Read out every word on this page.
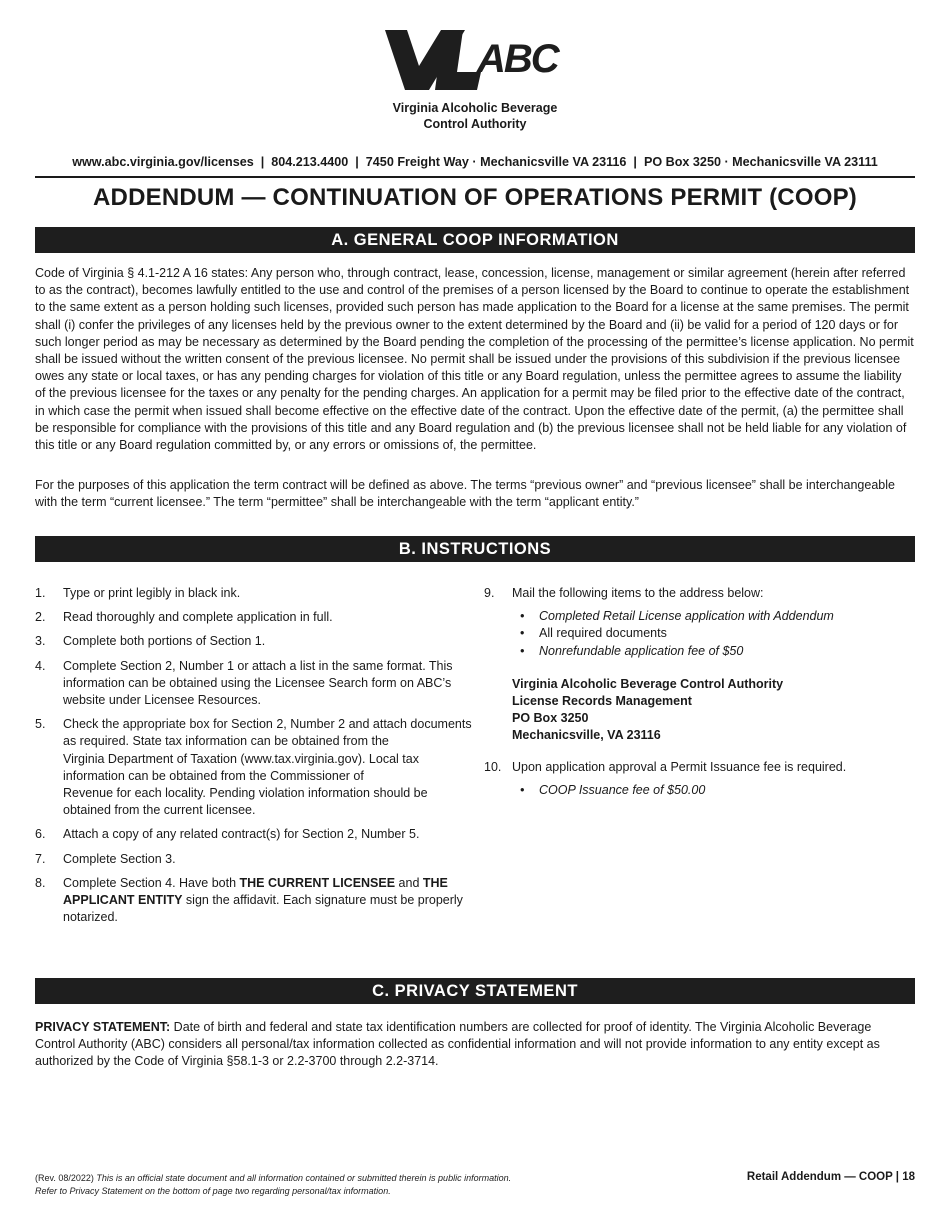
ABC
Virginia Alcoholic Beverage
Control Authority
www.abc.virginia.gov/licenses  |  804.213.4400  |  7450 Freight Way · Mechanicsville VA 23116  |  PO Box 3250 · Mechanicsville VA 23111
ADDENDUM — CONTINUATION OF OPERATIONS PERMIT (COOP)
A. GENERAL COOP INFORMATION

Code of Virginia § 4.1-212 A 16 states: Any person who, through contract, lease, concession, license, management or similar agreement (herein after referred to as the contract), becomes lawfully entitled to the use and control of the premises of a person licensed by the Board to continue to operate the establishment to the same extent as a person holding such licenses, provided such person has made application to the Board for a license at the same premises. The permit shall (i) confer the privileges of any licenses held by the previous owner to the extent determined by the Board and (ii) be valid for a period of 120 days or for such longer period as may be necessary as determined by the Board pending the completion of the processing of the permittee’s license application. No permit shall be issued without the written consent of the previous licensee. No permit shall be issued under the provisions of this subdivision if the previous licensee owes any state or local taxes, or has any pending charges for violation of this title or any Board regulation, unless the permittee agrees to assume the liability of the previous licensee for the taxes or any penalty for the pending charges. An application for a permit may be filed prior to the effective date of the contract, in which case the permit when issued shall become effective on the effective date of the contract. Upon the effective date of the permit, (a) the permittee shall be responsible for compliance with the provisions of this title and any Board regulation and (b) the previous licensee shall not be held liable for any violation of this title or any Board regulation committed by, or any errors or omissions of, the permittee.

For the purposes of this application the term contract will be defined as above. The terms “previous owner” and “previous licensee” shall be interchangeable with the term “current licensee.” The term “permittee” shall be interchangeable with the term “applicant entity.”

B. INSTRUCTIONS
1. Type or print legibly in black ink.
2. Read thoroughly and complete application in full.
3. Complete both portions of Section 1.
4. Complete Section 2, Number 1 or attach a list in the same format. This information can be obtained using the Licensee Search form on ABC’s website under Licensee Resources.
5. Check the appropriate box for Section 2, Number 2 and attach documents as required. State tax information can be obtained from the
Virginia Department of Taxation (www.tax.virginia.gov). Local tax information can be obtained from the Commissioner of
Revenue for each locality. Pending violation information should be obtained from the current licensee.
6. Attach a copy of any related contract(s) for Section 2, Number 5.
7. Complete Section 3.
8. Complete Section 4. Have both THE CURRENT LICENSEE and THE APPLICANT ENTITY sign the affidavit. Each signature must be properly notarized.
9. Mail the following items to the address below:
• Completed Retail License application with Addendum
• All required documents
• Nonrefundable application fee of $50
Virginia Alcoholic Beverage Control Authority
License Records Management
PO Box 3250
Mechanicsville, VA 23116
10. Upon application approval a Permit Issuance fee is required.
• COOP Issuance fee of $50.00
C. PRIVACY STATEMENT

PRIVACY STATEMENT: Date of birth and federal and state tax identification numbers are collected for proof of identity. The Virginia Alcoholic Beverage Control Authority (ABC) considers all personal/tax information collected as confidential information and will not provide information to any entity except as authorized by the Code of Virginia §58.1-3 or 2.2-3700 through 2.2-3714.

(Rev. 08/2022) This is an official state document and all information contained or submitted therein is public information.
Refer to Privacy Statement on the bottom of page two regarding personal/tax information.
Retail Addendum — COOP | 18
